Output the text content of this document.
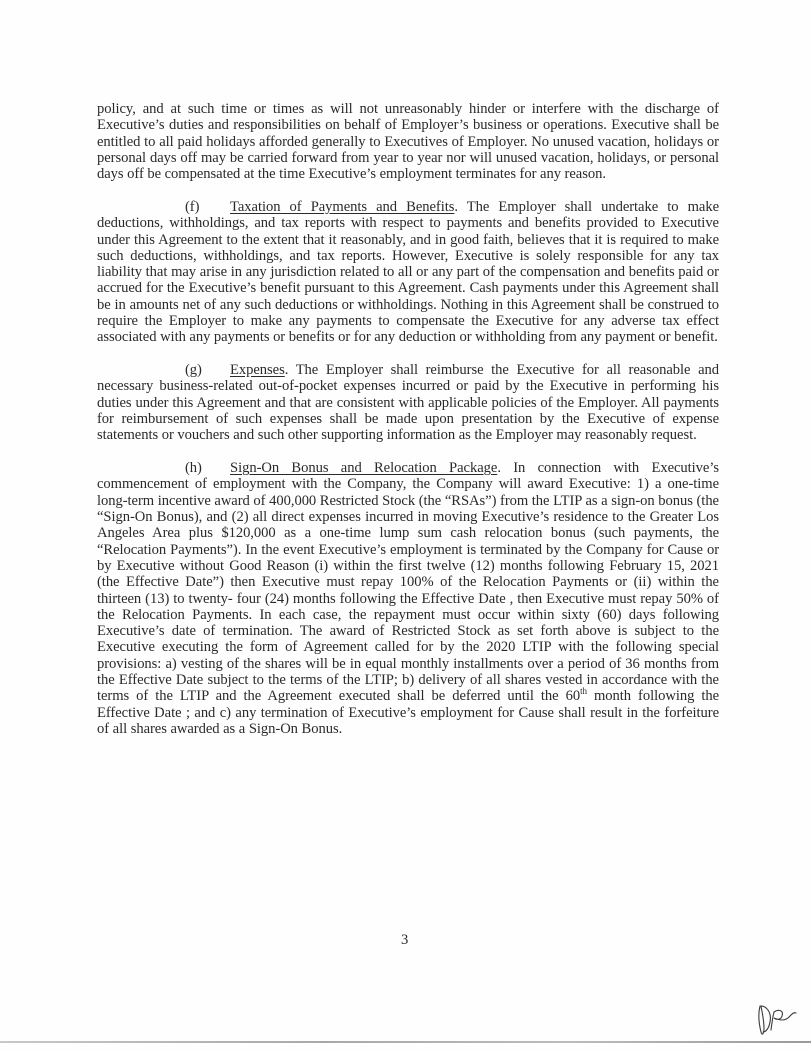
policy, and at such time or times as will not unreasonably hinder or interfere with the discharge of Executive’s duties and responsibilities on behalf of Employer’s business or operations. Executive shall be entitled to all paid holidays afforded generally to Executives of Employer. No unused vacation, holidays or personal days off may be carried forward from year to year nor will unused vacation, holidays, or personal days off be compensated at the time Executive’s employment terminates for any reason.

(f) Taxation of Payments and Benefits. The Employer shall undertake to make deductions, withholdings, and tax reports with respect to payments and benefits provided to Executive under this Agreement to the extent that it reasonably, and in good faith, believes that it is required to make such deductions, withholdings, and tax reports. However, Executive is solely responsible for any tax liability that may arise in any jurisdiction related to all or any part of the compensation and benefits paid or accrued for the Executive’s benefit pursuant to this Agreement. Cash payments under this Agreement shall be in amounts net of any such deductions or withholdings. Nothing in this Agreement shall be construed to require the Employer to make any payments to compensate the Executive for any adverse tax effect associated with any payments or benefits or for any deduction or withholding from any payment or benefit.

(g) Expenses. The Employer shall reimburse the Executive for all reasonable and necessary business-related out-of-pocket expenses incurred or paid by the Executive in performing his duties under this Agreement and that are consistent with applicable policies of the Employer. All payments for reimbursement of such expenses shall be made upon presentation by the Executive of expense statements or vouchers and such other supporting information as the Employer may reasonably request.

(h) Sign-On Bonus and Relocation Package. In connection with Executive’s commencement of employment with the Company, the Company will award Executive: 1) a one-time long-term incentive award of 400,000 Restricted Stock (the “RSAs”) from the LTIP as a sign-on bonus (the “Sign-On Bonus), and (2) all direct expenses incurred in moving Executive’s residence to the Greater Los Angeles Area plus $120,000 as a one-time lump sum cash relocation bonus (such payments, the “Relocation Payments”). In the event Executive’s employment is terminated by the Company for Cause or by Executive without Good Reason (i) within the first twelve (12) months following February 15, 2021 (the Effective Date”) then Executive must repay 100% of the Relocation Payments or (ii) within the thirteen (13) to twenty- four (24) months following the Effective Date , then Executive must repay 50% of the Relocation Payments. In each case, the repayment must occur within sixty (60) days following Executive’s date of termination. The award of Restricted Stock as set forth above is subject to the Executive executing the form of Agreement called for by the 2020 LTIP with the following special provisions: a) vesting of the shares will be in equal monthly installments over a period of 36 months from the Effective Date subject to the terms of the LTIP; b) delivery of all shares vested in accordance with the terms of the LTIP and the Agreement executed shall be deferred until the 60th month following the Effective Date ; and c) any termination of Executive’s employment for Cause shall result in the forfeiture of all shares awarded as a Sign-On Bonus.

3
